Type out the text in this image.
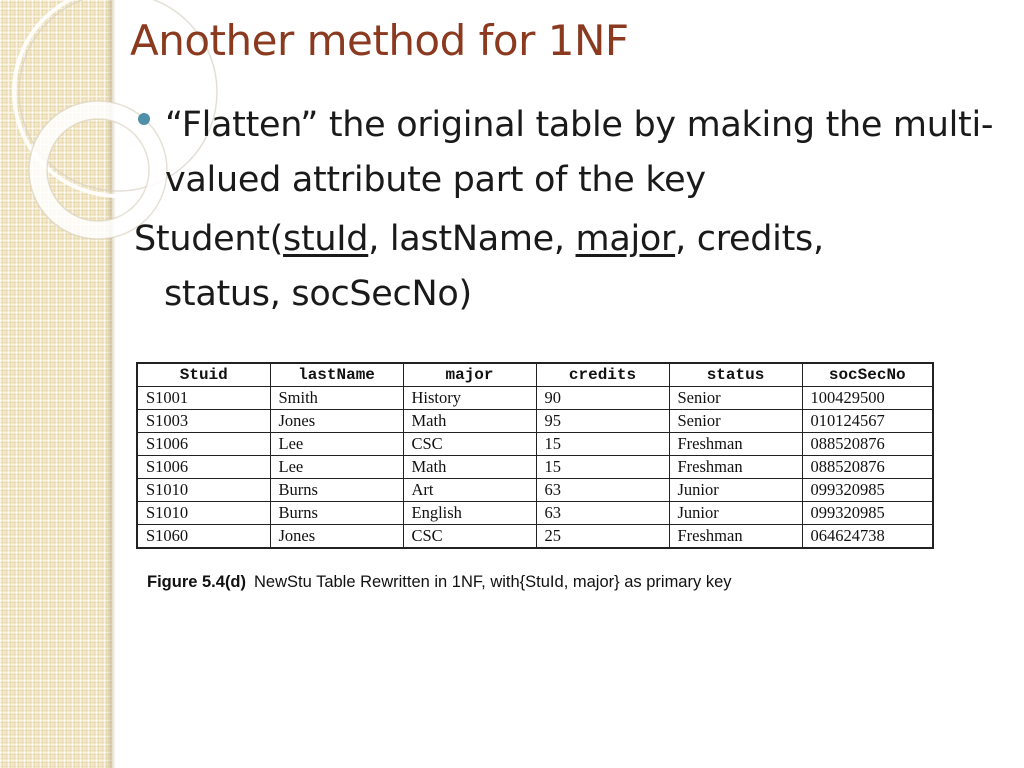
Another method for 1NF

“Flatten” the original table by making the multi-valued attribute part of the key

Student(stuId, lastName, major, credits,
status, socSecNo)
Stuid	lastName	major	credits	status	socSecNo
S1001	Smith	History	90	Senior	100429500
S1003	Jones	Math	95	Senior	010124567
S1006	Lee	CSC	15	Freshman	088520876
S1006	Lee	Math	15	Freshman	088520876
S1010	Burns	Art	63	Junior	099320985
S1010	Burns	English	63	Junior	099320985
S1060	Jones	CSC	25	Freshman	064624738
Figure 5.4(d) NewStu Table Rewritten in 1NF, with{StuId, major} as primary key
